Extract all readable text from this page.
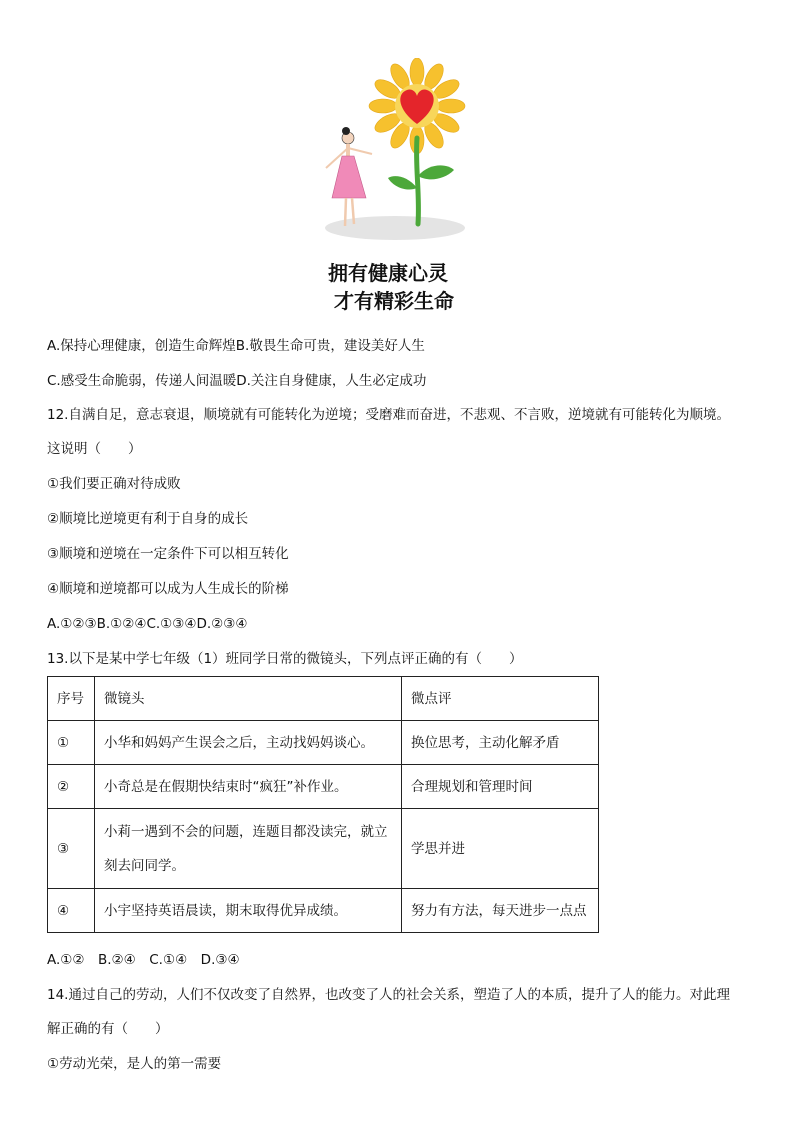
拥有健康心灵
才有精彩生命
A.保持心理健康，创造生命辉煌B.敬畏生命可贵，建设美好人生
C.感受生命脆弱，传递人间温暖D.关注自身健康，人生必定成功
12.自满自足，意志衰退，顺境就有可能转化为逆境；受磨难而奋进，不悲观、不言败，逆境就有可能转化为顺境。
这说明（　　）
①我们要正确对待成败
②顺境比逆境更有利于自身的成长
③顺境和逆境在一定条件下可以相互转化
④顺境和逆境都可以成为人生成长的阶梯
A.①②③B.①②④C.①③④D.②③④
13.以下是某中学七年级（1）班同学日常的微镜头，下列点评正确的有（　　）
序号	微镜头	微点评
①	小华和妈妈产生误会之后，主动找妈妈谈心。	换位思考，主动化解矛盾
②	小奇总是在假期快结束时“疯狂”补作业。	合理规划和管理时间
③	小莉一遇到不会的问题，连题目都没读完，就立
刻去问同学。	学思并进
④	小宇坚持英语晨读，期末取得优异成绩。	努力有方法，每天进步一点点
A.①②　B.②④　C.①④　D.③④
14.通过自己的劳动，人们不仅改变了自然界，也改变了人的社会关系，塑造了人的本质，提升了人的能力。对此理
解正确的有（　　）
①劳动光荣，是人的第一需要
